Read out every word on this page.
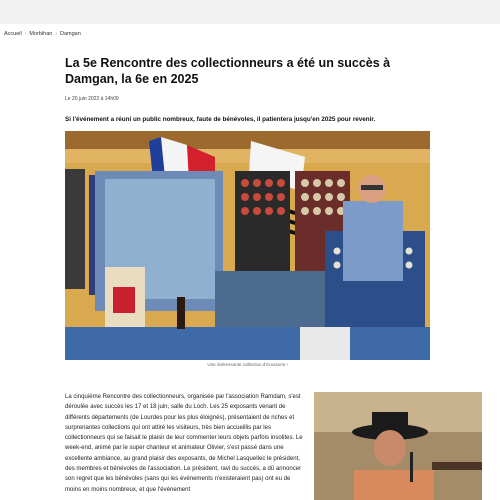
Accueil › Morbihan › Damgan
La 5e Rencontre des collectionneurs a été un succès à Damgan, la 6e en 2025
Le 20 juin 2023 à 14h09
Si l'événement a réuni un public nombreux, faute de bénévoles, il patientera jusqu'en 2025 pour revenir.
Une intéressante collection d'écussons !

La cinquième Rencontre des collectionneurs, organisée par l'association Ramdam, s'est déroulée avec succès les 17 et 18 juin, salle du Loch. Les 25 exposants venant de différents départements (de Lourdes pour les plus éloignés), présentaient de riches et surprenantes collections qui ont attiré les visiteurs, très bien accueillis par les collectionneurs qui se faisait le plaisir de leur commenter leurs objets parfois insolites. Le week-end, animé par le super chanteur et animateur Olivier, s'est passé dans une excellente ambiance, au grand plaisir des exposants, de Michel Lasquellec le président, des membres et bénévoles de l'association. Le président, ravi du succès, a dû annoncer son regret que les bénévoles (sans qui les événements n'existeraient pas) ont eu de moins en moins nombreux, et que l'événement
